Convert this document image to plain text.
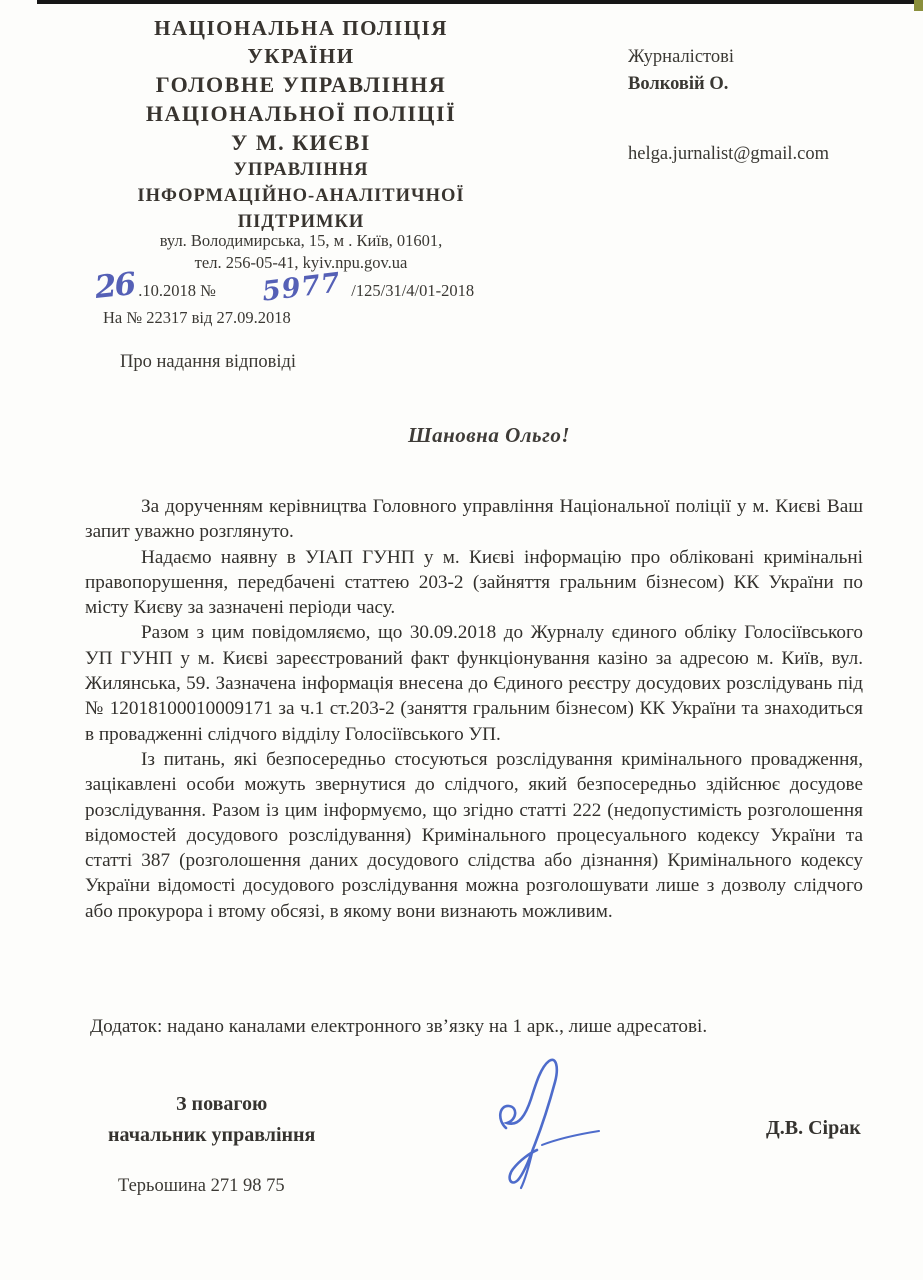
НАЦІОНАЛЬНА ПОЛІЦІЯ
УКРАЇНИ
ГОЛОВНЕ УПРАВЛІННЯ
НАЦІОНАЛЬНОЇ ПОЛІЦІЇ
У М. КИЄВІ
УПРАВЛІННЯ
ІНФОРМАЦІЙНО-АНАЛІТИЧНОЇ
ПІДТРИМКИ
вул. Володимирська, 15, м . Київ, 01601,
тел. 256-05-41, kyiv.npu.gov.ua
26 .10.2018 № 5977 /125/31/4/01-2018
На № 22317 від 27.09.2018
Журналістові
Волковій О.
helga.jurnalist@gmail.com
Про надання відповіді
Шановна Ольго!

За дорученням керівництва Головного управління Національної поліції у м. Києві Ваш запит уважно розглянуто.

Надаємо наявну в УІАП ГУНП у м. Києві інформацію про обліковані кримінальні правопорушення, передбачені статтею 203-2 (зайняття гральним бізнесом) КК України по місту Києву за зазначені періоди часу.

Разом з цим повідомляємо, що 30.09.2018 до Журналу єдиного обліку Голосіївського УП ГУНП у м. Києві зареєстрований факт функціонування казіно за адресою м. Київ, вул. Жилянська, 59. Зазначена інформація внесена до Єдиного реєстру досудових розслідувань під № 12018100010009171 за ч.1 ст.203-2 (заняття гральним бізнесом) КК України та знаходиться в провадженні слідчого відділу Голосіївського УП.

Із питань, які безпосередньо стосуються розслідування кримінального провадження, зацікавлені особи можуть звернутися до слідчого, який безпосередньо здійснює досудове розслідування. Разом із цим інформуємо, що згідно статті 222 (недопустимість розголошення відомостей досудового розслідування) Кримінального процесуального кодексу України та статті 387 (розголошення даних досудового слідства або дізнання) Кримінального кодексу України відомості досудового розслідування можна розголошувати лише з дозволу слідчого або прокурора і втому обсязі, в якому вони визнають можливим.

Додаток: надано каналами електронного зв’язку на 1 арк., лише адресатові.
З повагою
начальник управління	Д.В. Сірак
Терьошина 271 98 75
